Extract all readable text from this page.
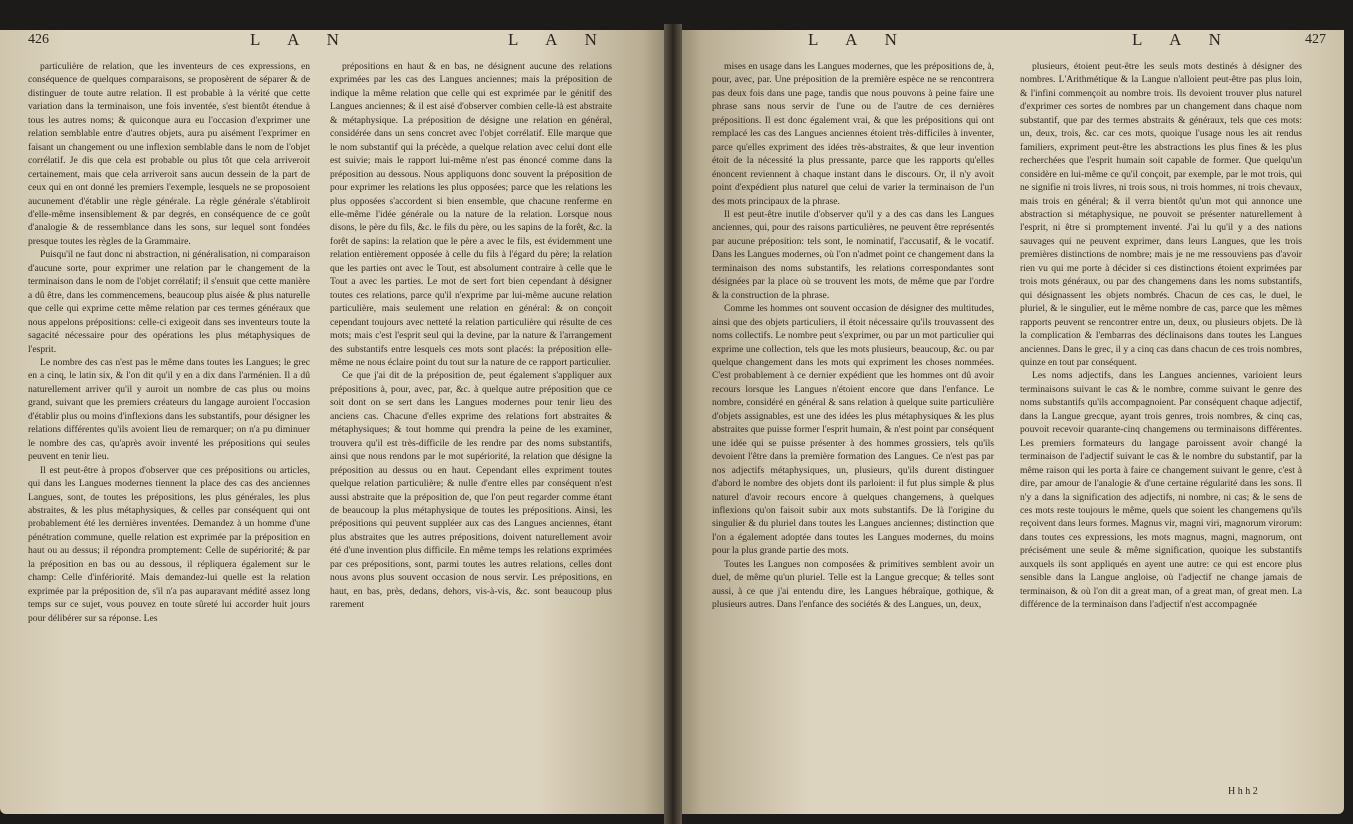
426	L A N	L A N	L A N	L A N	427

particulière de relation, que les inventeurs de ces expressions, en conséquence de quelques comparaisons, se proposèrent de séparer & de distinguer de toute autre relation. Il est probable à la vérité que cette variation dans la terminaison, une fois inventée, s'est bientôt étendue à tous les autres noms; & quiconque aura eu l'occasion d'exprimer une relation semblable entre d'autres objets, aura pu aisément l'exprimer en faisant un changement ou une inflexion semblable dans le nom de l'objet corrélatif. Je dis que cela est probable ou plus tôt que cela arriveroit certainement, mais que cela arriveroit sans aucun dessein de la part de ceux qui en ont donné les premiers l'exemple, lesquels ne se proposoient aucunement d'établir une règle générale. La règle générale s'établiroit d'elle-même insensiblement & par degrés, en conséquence de ce goût d'analogie & de ressemblance dans les sons, sur lequel sont fondées presque toutes les règles de la Grammaire.

Puisqu'il ne faut donc ni abstraction, ni généralisation, ni comparaison d'aucune sorte, pour exprimer une relation par le changement de la terminaison dans le nom de l'objet corrélatif; il s'ensuit que cette manière a dû être, dans les commencemens, beaucoup plus aisée & plus naturelle que celle qui exprime cette même relation par ces termes généraux que nous appelons prépositions: celle-ci exigeoit dans ses inventeurs toute la sagacité nécessaire pour des opérations les plus métaphysiques de l'esprit.

Le nombre des cas n'est pas le même dans toutes les Langues; le grec en a cinq, le latin six, & l'on dit qu'il y en a dix dans l'arménien. Il a dû naturellement arriver qu'il y auroit un nombre de cas plus ou moins grand, suivant que les premiers créateurs du langage auroient l'occasion d'établir plus ou moins d'inflexions dans les substantifs, pour désigner les relations différentes qu'ils avoient lieu de remarquer; on n'a pu diminuer le nombre des cas, qu'après avoir inventé les prépositions qui seules peuvent en tenir lieu.

Il est peut-être à propos d'observer que ces prépositions ou articles, qui dans les Langues modernes tiennent la place des cas des anciennes Langues, sont, de toutes les prépositions, les plus générales, les plus abstraites, & les plus métaphysiques, & celles par conséquent qui ont probablement été les dernières inventées. Demandez à un homme d'une pénétration commune, quelle relation est exprimée par la préposition en haut ou au dessus; il répondra promptement: Celle de supériorité; & par la préposition en bas ou au dessous, il répliquera également sur le champ: Celle d'infériorité. Mais demandez-lui quelle est la relation exprimée par la préposition de, s'il n'a pas auparavant médité assez long temps sur ce sujet, vous pouvez en toute sûreté lui accorder huit jours pour délibérer sur sa réponse. Les

prépositions en haut & en bas, ne désignent aucune des relations exprimées par les cas des Langues anciennes; mais la préposition de indique la même relation que celle qui est exprimée par le génitif des Langues anciennes; & il est aisé d'observer combien celle-là est abstraite & métaphysique. La préposition de désigne une relation en général, considérée dans un sens concret avec l'objet corrélatif. Elle marque que le nom substantif qui la précède, a quelque relation avec celui dont elle est suivie; mais le rapport lui-même n'est pas énoncé comme dans la préposition au dessous. Nous appliquons donc souvent la préposition de pour exprimer les relations les plus opposées; parce que les relations les plus opposées s'accordent si bien ensemble, que chacune renferme en elle-même l'idée générale ou la nature de la relation. Lorsque nous disons, le père du fils, &c. le fils du père, ou les sapins de la forêt, &c. la forêt de sapins: la relation que le père a avec le fils, est évidemment une relation entièrement opposée à celle du fils à l'égard du père; la relation que les parties ont avec le Tout, est absolument contraire à celle que le Tout a avec les parties. Le mot de sert fort bien cependant à désigner toutes ces relations, parce qu'il n'exprime par lui-même aucune relation particulière, mais seulement une relation en général: & on conçoit cependant toujours avec netteté la relation particulière qui résulte de ces mots; mais c'est l'esprit seul qui la devine, par la nature & l'arrangement des substantifs entre lesquels ces mots sont placés: la préposition elle-même ne nous éclaire point du tout sur la nature de ce rapport particulier.

Ce que j'ai dit de la préposition de, peut également s'appliquer aux prépositions à, pour, avec, par, &c. à quelque autre préposition que ce soit dont on se sert dans les Langues modernes pour tenir lieu des anciens cas. Chacune d'elles exprime des relations fort abstraites & métaphysiques; & tout homme qui prendra la peine de les examiner, trouvera qu'il est très-difficile de les rendre par des noms substantifs, ainsi que nous rendons par le mot supériorité, la relation que désigne la préposition au dessus ou en haut. Cependant elles expriment toutes quelque relation particulière; & nulle d'entre elles par conséquent n'est aussi abstraite que la préposition de, que l'on peut regarder comme étant de beaucoup la plus métaphysique de toutes les prépositions. Ainsi, les prépositions qui peuvent suppléer aux cas des Langues anciennes, étant plus abstraites que les autres prépositions, doivent naturellement avoir été d'une invention plus difficile. En même temps les relations exprimées par ces prépositions, sont, parmi toutes les autres relations, celles dont nous avons plus souvent occasion de nous servir. Les prépositions, en haut, en bas, près, dedans, dehors, vis-à-vis, &c. sont beaucoup plus rarement

mises en usage dans les Langues modernes, que les prépositions de, à, pour, avec, par. Une préposition de la première espèce ne se rencontrera pas deux fois dans une page, tandis que nous pouvons à peine faire une phrase sans nous servir de l'une ou de l'autre de ces dernières prépositions. Il est donc également vrai, & que les prépositions qui ont remplacé les cas des Langues anciennes étoient très-difficiles à inventer, parce qu'elles expriment des idées très-abstraites, & que leur invention étoit de la nécessité la plus pressante, parce que les rapports qu'elles énoncent reviennent à chaque instant dans le discours. Or, il n'y avoit point d'expédient plus naturel que celui de varier la terminaison de l'un des mots principaux de la phrase.

Il est peut-être inutile d'observer qu'il y a des cas dans les Langues anciennes, qui, pour des raisons particulières, ne peuvent être représentés par aucune préposition: tels sont, le nominatif, l'accusatif, & le vocatif. Dans les Langues modernes, où l'on n'admet point ce changement dans la terminaison des noms substantifs, les relations correspondantes sont désignées par la place où se trouvent les mots, de même que par l'ordre & la construction de la phrase.

Comme les hommes ont souvent occasion de désigner des multitudes, ainsi que des objets particuliers, il étoit nécessaire qu'ils trouvassent des noms collectifs. Le nombre peut s'exprimer, ou par un mot particulier qui exprime une collection, tels que les mots plusieurs, beaucoup, &c. ou par quelque changement dans les mots qui expriment les choses nommées. C'est probablement à ce dernier expédient que les hommes ont dû avoir recours lorsque les Langues n'étoient encore que dans l'enfance. Le nombre, considéré en général & sans relation à quelque suite particulière d'objets assignables, est une des idées les plus métaphysiques & les plus abstraites que puisse former l'esprit humain, & n'est point par conséquent une idée qui se puisse présenter à des hommes grossiers, tels qu'ils devoient l'être dans la première formation des Langues. Ce n'est pas par nos adjectifs métaphysiques, un, plusieurs, qu'ils durent distinguer d'abord le nombre des objets dont ils parloient: il fut plus simple & plus naturel d'avoir recours encore à quelques changemens, à quelques inflexions qu'on faisoit subir aux mots substantifs. De là l'origine du singulier & du pluriel dans toutes les Langues anciennes; distinction que l'on a également adoptée dans toutes les Langues modernes, du moins pour la plus grande partie des mots.

Toutes les Langues non composées & primitives semblent avoir un duel, de même qu'un pluriel. Telle est la Langue grecque; & telles sont aussi, à ce que j'ai entendu dire, les Langues hébraïque, gothique, & plusieurs autres. Dans l'enfance des sociétés & des Langues, un, deux,

plusieurs, étoient peut-être les seuls mots destinés à désigner des nombres. L'Arithmétique & la Langue n'alloient peut-être pas plus loin, & l'infini commençoit au nombre trois. Ils devoient trouver plus naturel d'exprimer ces sortes de nombres par un changement dans chaque nom substantif, que par des termes abstraits & généraux, tels que ces mots: un, deux, trois, &c. car ces mots, quoique l'usage nous les ait rendus familiers, expriment peut-être les abstractions les plus fines & les plus recherchées que l'esprit humain soit capable de former. Que quelqu'un considère en lui-même ce qu'il conçoit, par exemple, par le mot trois, qui ne signifie ni trois livres, ni trois sous, ni trois hommes, ni trois chevaux, mais trois en général; & il verra bientôt qu'un mot qui annonce une abstraction si métaphysique, ne pouvoit se présenter naturellement à l'esprit, ni être si promptement inventé. J'ai lu qu'il y a des nations sauvages qui ne peuvent exprimer, dans leurs Langues, que les trois premières distinctions de nombre; mais je ne me ressouviens pas d'avoir rien vu qui me porte à décider si ces distinctions étoient exprimées par trois mots généraux, ou par des changemens dans les noms substantifs, qui désignassent les objets nombrés. Chacun de ces cas, le duel, le pluriel, & le singulier, eut le même nombre de cas, parce que les mêmes rapports peuvent se rencontrer entre un, deux, ou plusieurs objets. De là la complication & l'embarras des déclinaisons dans toutes les Langues anciennes. Dans le grec, il y a cinq cas dans chacun de ces trois nombres, quinze en tout par conséquent.

Les noms adjectifs, dans les Langues anciennes, varioient leurs terminaisons suivant le cas & le nombre, comme suivant le genre des noms substantifs qu'ils accompagnoient. Par conséquent chaque adjectif, dans la Langue grecque, ayant trois genres, trois nombres, & cinq cas, pouvoit recevoir quarante-cinq changemens ou terminaisons différentes. Les premiers formateurs du langage paroissent avoir changé la terminaison de l'adjectif suivant le cas & le nombre du substantif, par la même raison qui les porta à faire ce changement suivant le genre, c'est à dire, par amour de l'analogie & d'une certaine régularité dans les sons. Il n'y a dans la signification des adjectifs, ni nombre, ni cas; & le sens de ces mots reste toujours le même, quels que soient les changemens qu'ils reçoivent dans leurs formes. Magnus vir, magni viri, magnorum virorum: dans toutes ces expressions, les mots magnus, magni, magnorum, ont précisément une seule & même signification, quoique les substantifs auxquels ils sont appliqués en ayent une autre: ce qui est encore plus sensible dans la Langue angloise, où l'adjectif ne change jamais de terminaison, & où l'on dit a great man, of a great man, of great men. La différence de la terminaison dans l'adjectif n'est accompagnée

H h h 2
